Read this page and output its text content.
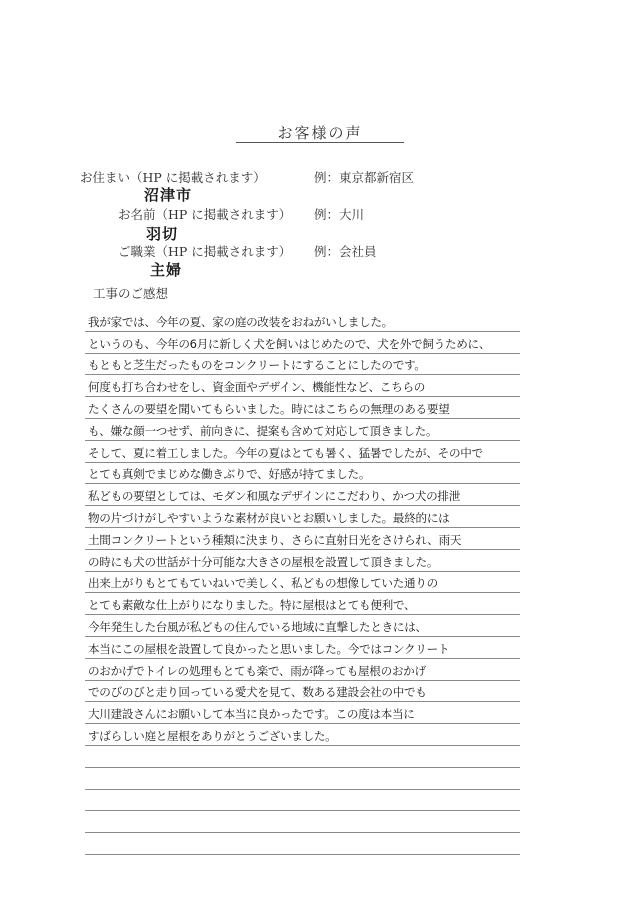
お客様の声
お住まい（HP に掲載されます）	例：東京都新宿区
沼津市
お名前（HP に掲載されます） 例：大川
羽切
ご職業（HP に掲載されます） 例：会社員
主婦
工事のご感想
我が家では、今年の夏、家の庭の改装をおねがいしました。
というのも、今年の6月に新しく犬を飼いはじめたので、犬を外で飼うために、
もともと芝生だったものをコンクリートにすることにしたのです。
何度も打ち合わせをし、資金面やデザイン、機能性など、こちらの
たくさんの要望を聞いてもらいました。時にはこちらの無理のある要望
も、嫌な顔一つせず、前向きに、提案も含めて対応して頂きました。
そして、夏に着工しました。今年の夏はとても暑く、猛暑でしたが、その中で
とても真剣でまじめな働きぶりで、好感が持てました。
私どもの要望としては、モダン和風なデザインにこだわり、かつ犬の排泄
物の片づけがしやすいような素材が良いとお願いしました。最終的には
土間コンクリートという種類に決まり、さらに直射日光をさけられ、雨天
の時にも犬の世話が十分可能な大きさの屋根を設置して頂きました。
出来上がりもとてもていねいで美しく、私どもの想像していた通りの
とても素敵な仕上がりになりました。特に屋根はとても便利で、
今年発生した台風が私どもの住んでいる地域に直撃したときには、
本当にこの屋根を設置して良かったと思いました。今ではコンクリート
のおかげでトイレの処理もとても楽で、雨が降っても屋根のおかげ
でのびのびと走り回っている愛犬を見て、数ある建設会社の中でも
大川建設さんにお願いして本当に良かったです。この度は本当に
すばらしい庭と屋根をありがとうございました。
